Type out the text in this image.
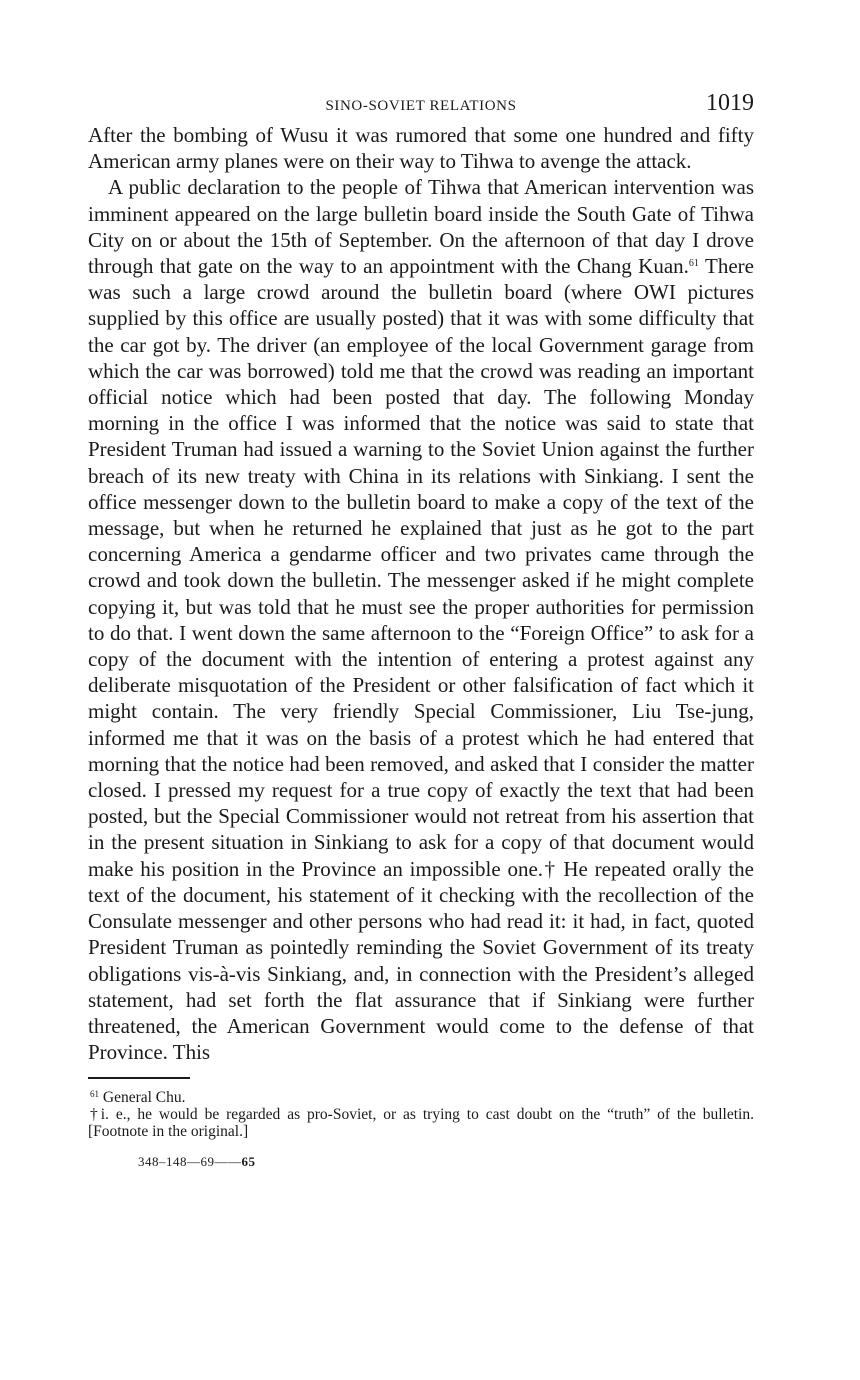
SINO-SOVIET RELATIONS	1019

After the bombing of Wusu it was rumored that some one hundred and fifty American army planes were on their way to Tihwa to avenge the attack.

A public declaration to the people of Tihwa that American intervention was imminent appeared on the large bulletin board inside the South Gate of Tihwa City on or about the 15th of September. On the afternoon of that day I drove through that gate on the way to an appointment with the Chang Kuan.$^{61}$ There was such a large crowd around the bulletin board (where OWI pictures supplied by this office are usually posted) that it was with some difficulty that the car got by. The driver (an employee of the local Government garage from which the car was borrowed) told me that the crowd was reading an important official notice which had been posted that day. The following Monday morning in the office I was informed that the notice was said to state that President Truman had issued a warning to the Soviet Union against the further breach of its new treaty with China in its relations with Sinkiang. I sent the office messenger down to the bulletin board to make a copy of the text of the message, but when he returned he explained that just as he got to the part concerning America a gendarme officer and two privates came through the crowd and took down the bulletin. The messenger asked if he might complete copying it, but was told that he must see the proper authorities for permission to do that. I went down the same afternoon to the “Foreign Office” to ask for a copy of the document with the intention of entering a protest against any deliberate misquotation of the President or other falsification of fact which it might contain. The very friendly Special Commissioner, Liu Tse-jung, informed me that it was on the basis of a protest which he had entered that morning that the notice had been removed, and asked that I consider the matter closed. I pressed my request for a true copy of exactly the text that had been posted, but the Special Commissioner would not retreat from his assertion that in the present situation in Sinkiang to ask for a copy of that document would make his position in the Province an impossible one.† He repeated orally the text of the document, his statement of it checking with the recollection of the Consulate messenger and other persons who had read it: it had, in fact, quoted President Truman as pointedly reminding the Soviet Government of its treaty obligations vis-à-vis Sinkiang, and, in connection with the President’s alleged statement, had set forth the flat assurance that if Sinkiang were further threatened, the American Government would come to the defense of that Province. This

$^{61}$ General Chu.

†i. e., he would be regarded as pro-Soviet, or as trying to cast doubt on the “truth” of the bulletin. [Footnote in the original.]

348–148—69——65
